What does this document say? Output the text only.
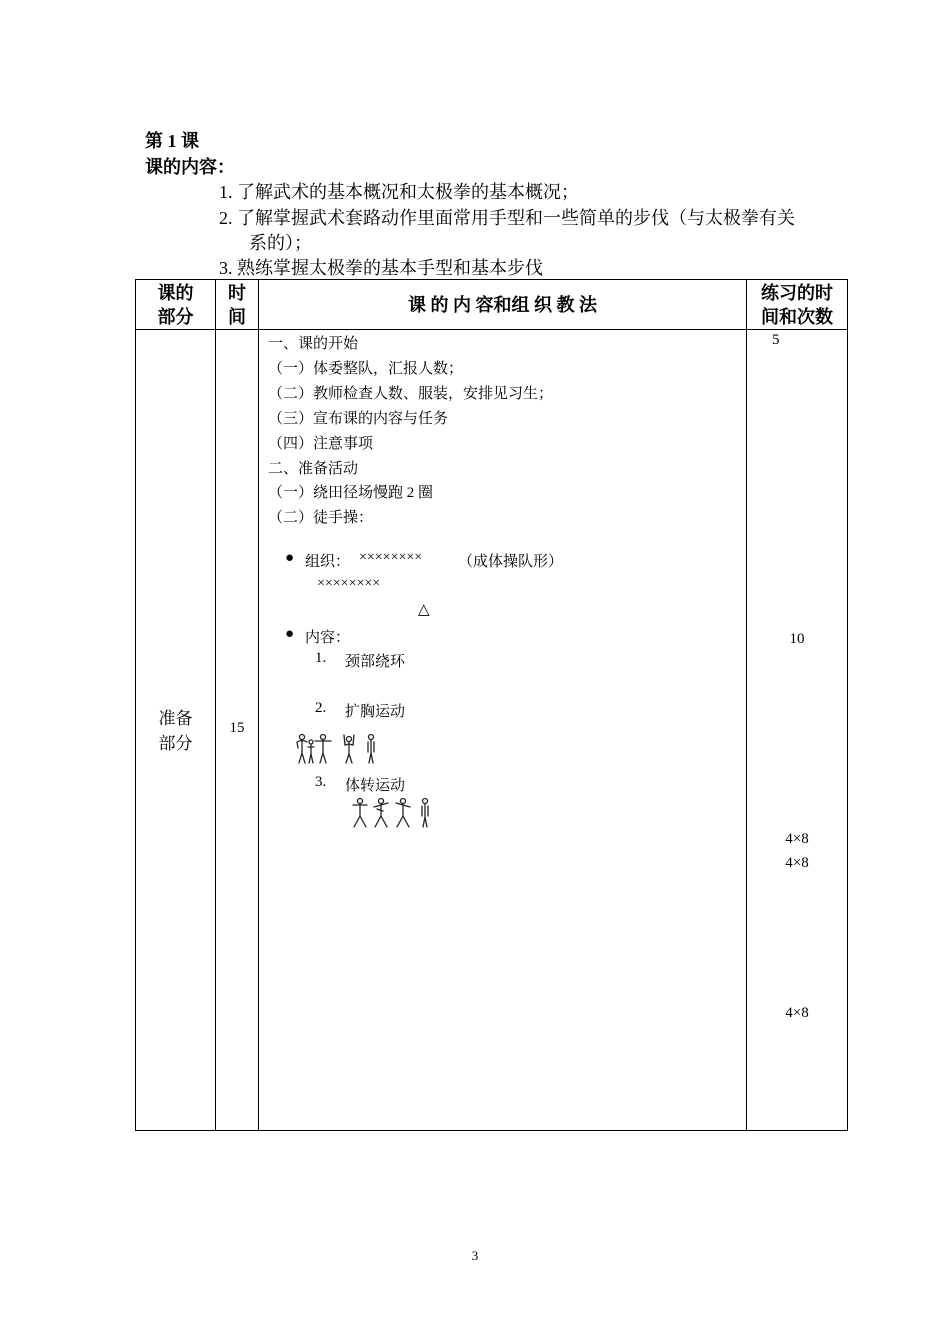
第 1 课
课的内容：
1. 了解武术的基本概况和太极拳的基本概况；
2. 了解掌握武术套路动作里面常用手型和一些简单的步伐（与太极拳有关
系的）；
3. 熟练掌握太极拳的基本手型和基本步伐
课的
部分
时
间
课 的 内 容和组 织 教 法
练习的时
间和次数
准备
部分
15
一、课的开始
（一）体委整队，汇报人数；
（二）教师检查人数、服装，安排见习生；
（三）宣布课的内容与任务
（四）注意事项
二、准备活动
（一）绕田径场慢跑 2 圈
（二）徒手操：
● 组织： ×××××××× （成体操队形）
××××××××
△
● 内容：
1. 颈部绕环
2. 扩胸运动
3. 体转运动
5
10
4×8
4×8
4×8
3
